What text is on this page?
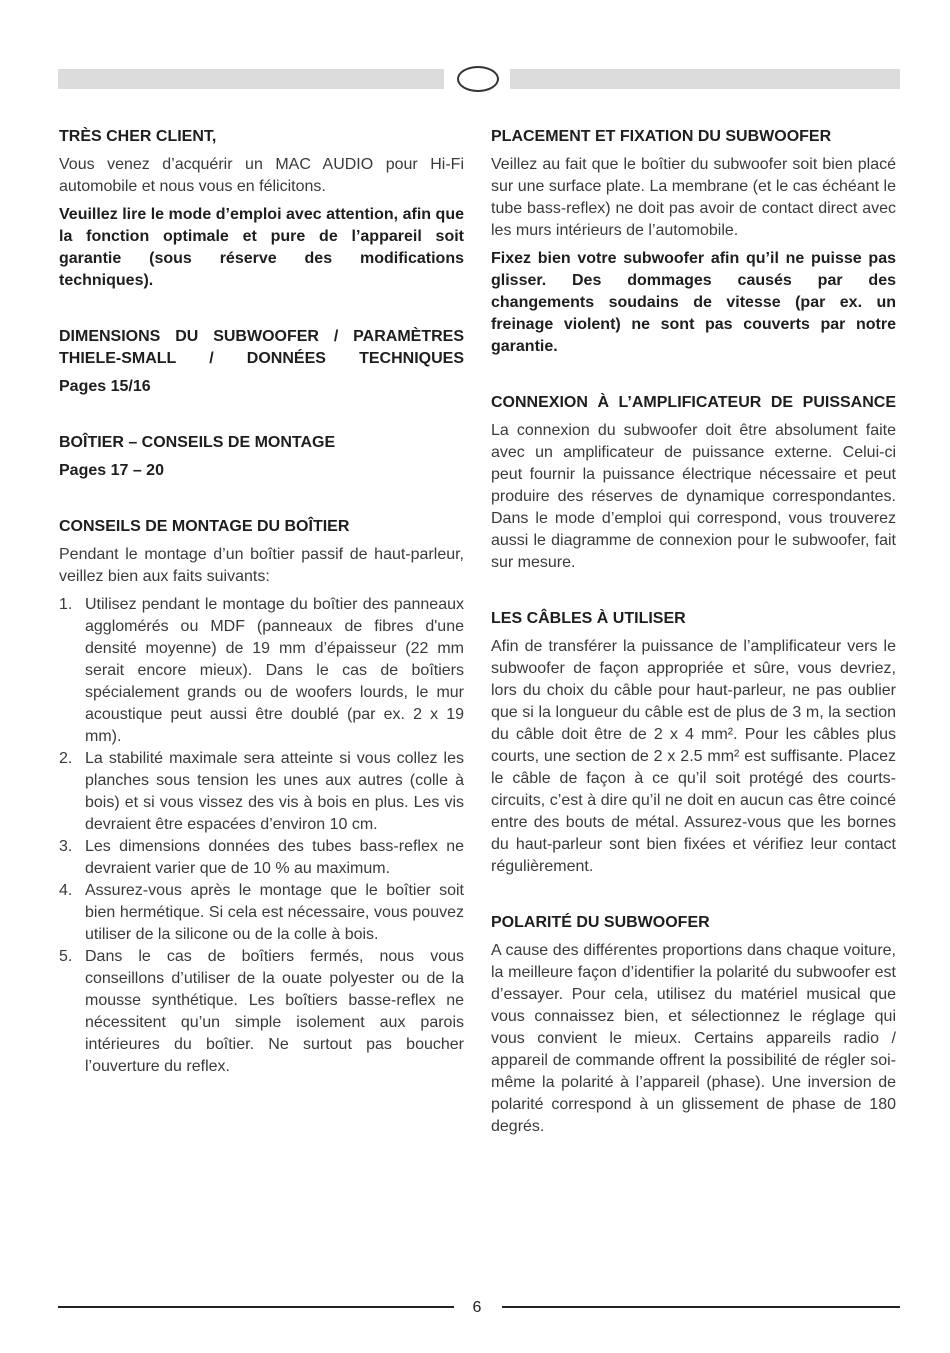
TRÈS CHER CLIENT,

Vous venez d’acquérir un MAC AUDIO pour Hi-Fi automobile et nous vous en félicitons.

Veuillez lire le mode d’emploi avec attention, afin que la fonction optimale et pure de l’appareil soit garantie (sous réserve des modifications techniques).

DIMENSIONS DU SUBWOOFER / PARAMÈTRES THIELE-SMALL / DONNÉES TECHNIQUES

Pages 15/16

BOÎTIER – CONSEILS DE MONTAGE

Pages 17 – 20

CONSEILS DE MONTAGE DU BOÎTIER

Pendant le montage d’un boîtier passif de haut-parleur, veillez bien aux faits suivants:

1. Utilisez pendant le montage du boîtier des panneaux agglomérés ou MDF (panneaux de fibres d'une densité moyenne) de 19 mm d’épaisseur (22 mm serait encore mieux). Dans le cas de boîtiers spécialement grands ou de woofers lourds, le mur acoustique peut aussi être doublé (par ex. 2 x 19 mm).
2. La stabilité maximale sera atteinte si vous collez les planches sous tension les unes aux autres (colle à bois) et si vous vissez des vis à bois en plus. Les vis devraient être espacées d’environ 10 cm.
3. Les dimensions données des tubes bass-reflex ne devraient varier que de 10 % au maximum.
4. Assurez-vous après le montage que le boîtier soit bien hermétique. Si cela est nécessaire, vous pouvez utiliser de la silicone ou de la colle à bois.
5. Dans le cas de boîtiers fermés, nous vous conseillons d’utiliser de la ouate polyester ou de la mousse synthétique. Les boîtiers basse-reflex ne nécessitent qu’un simple isolement aux parois intérieures du boîtier. Ne surtout pas boucher l’ouverture du reflex.
PLACEMENT ET FIXATION DU SUBWOOFER

Veillez au fait que le boîtier du subwoofer soit bien placé sur une surface plate. La membrane (et le cas échéant le tube bass-reflex) ne doit pas avoir de contact direct avec les murs intérieurs de l’automobile.

Fixez bien votre subwoofer afin qu’il ne puisse pas glisser. Des dommages causés par des changements soudains de vitesse (par ex. un freinage violent) ne sont pas couverts par notre garantie.

CONNEXION À L’AMPLIFICATEUR DE PUISSANCE

La connexion du subwoofer doit être absolument faite avec un amplificateur de puissance externe. Celui-ci peut fournir la puissance électrique nécessaire et peut produire des réserves de dynamique correspondantes. Dans le mode d’emploi qui correspond, vous trouverez aussi le diagramme de connexion pour le subwoofer, fait sur mesure.

LES CÂBLES À UTILISER

Afin de transférer la puissance de l’amplificateur vers le subwoofer de façon appropriée et sûre, vous devriez, lors du choix du câble pour haut-parleur, ne pas oublier que si la longueur du câble est de plus de 3 m, la section du câble doit être de 2 x 4 mm². Pour les câbles plus courts, une section de 2 x 2.5 mm² est suffisante. Placez le câble de façon à ce qu’il soit protégé des courts-circuits, c’est à dire qu’il ne doit en aucun cas être coincé entre des bouts de métal. Assurez-vous que les bornes du haut-parleur sont bien fixées et vérifiez leur contact régulièrement.

POLARITÉ DU SUBWOOFER

A cause des différentes proportions dans chaque voiture, la meilleure façon d’identifier la polarité du subwoofer est d’essayer. Pour cela, utilisez du matériel musical que vous connaissez bien, et sélectionnez le réglage qui vous convient le mieux. Certains appareils radio / appareil de commande offrent la possibilité de régler soi-même la polarité à l’appareil (phase). Une inversion de polarité correspond à un glissement de phase de 180 degrés.

6
